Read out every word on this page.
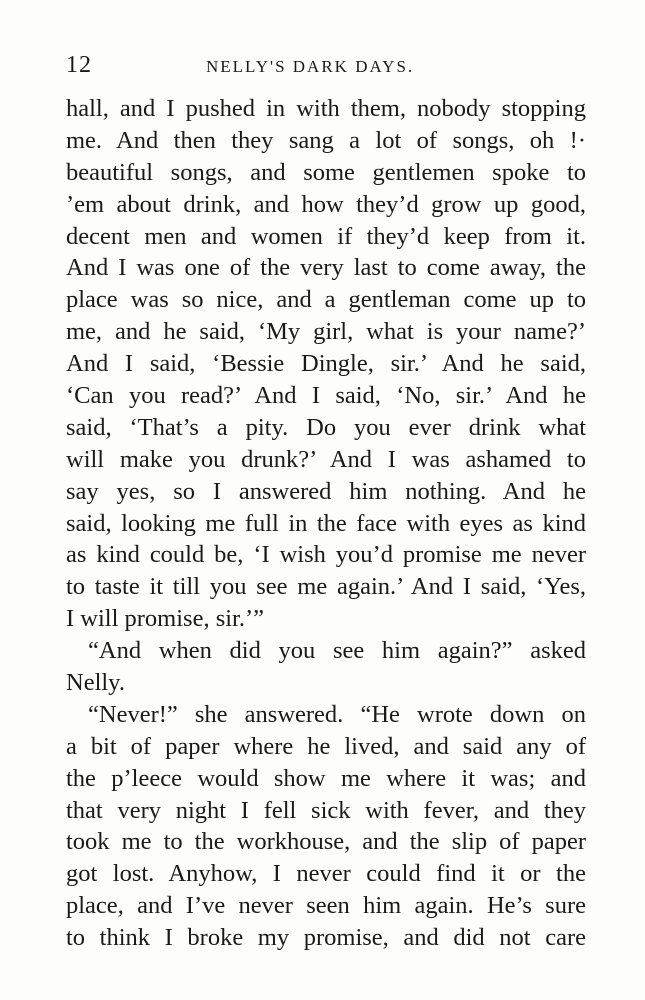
12	NELLY'S DARK DAYS.
hall, and I pushed in with them, nobody stopping
me. And then they sang a lot of songs, oh !·
beautiful songs, and some gentlemen spoke to
’em about drink, and how they’d grow up good,
decent men and women if they’d keep from it.
And I was one of the very last to come away, the
place was so nice, and a gentleman come up to
me, and he said, ‘My girl, what is your name?’
And I said, ‘Bessie Dingle, sir.’ And he said,
‘Can you read?’ And I said, ‘No, sir.’ And he
said, ‘That’s a pity. Do you ever drink what
will make you drunk?’ And I was ashamed to
say yes, so I answered him nothing. And he
said, looking me full in the face with eyes as kind
as kind could be, ‘I wish you’d promise me never
to taste it till you see me again.’ And I said, ‘Yes,
I will promise, sir.’”
“And when did you see him again?” asked
Nelly.
“Never!” she answered. “He wrote down on
a bit of paper where he lived, and said any of
the p’leece would show me where it was; and
that very night I fell sick with fever, and they
took me to the workhouse, and the slip of paper
got lost. Anyhow, I never could find it or the
place, and I’ve never seen him again. He’s sure
to think I broke my promise, and did not care
